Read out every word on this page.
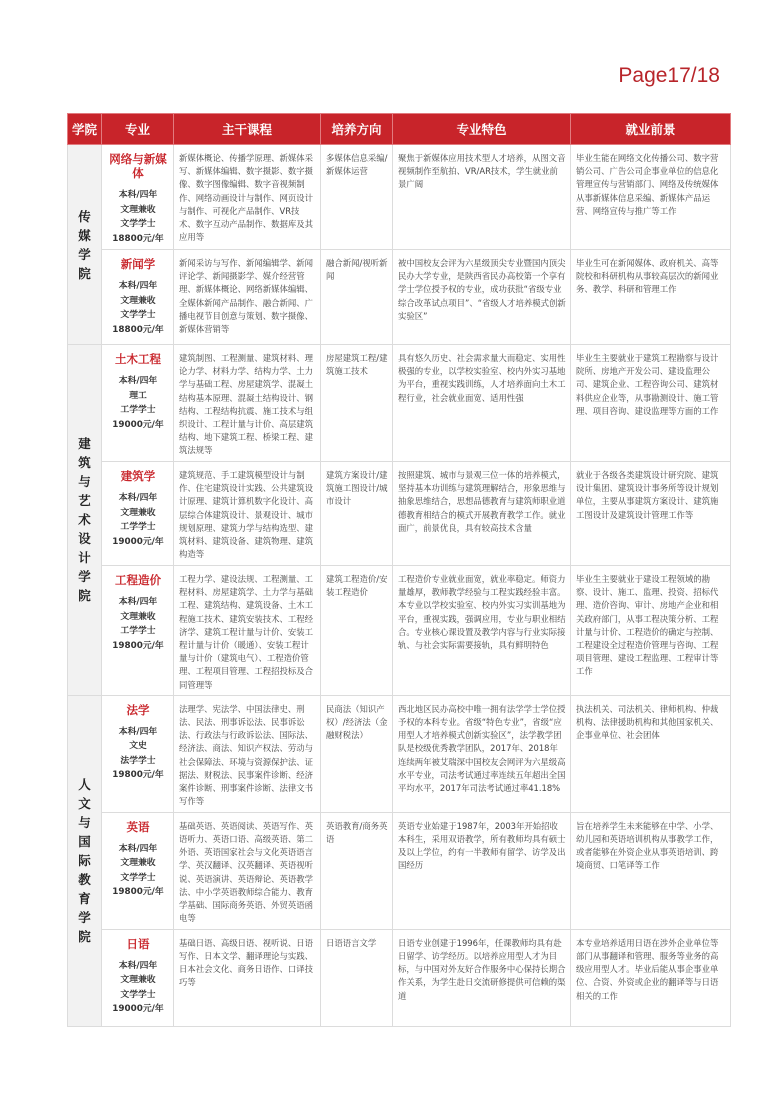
Page17/18
学院	专业	主干课程	培养方向	专业特色	就业前景
传媒学院	网络与新媒体
本科/四年
文理兼收
文学学士
18800元/年	新媒体概论、传播学原理、新媒体采写、新媒体编辑、数字摄影、数字摄像、数字图像编辑、数字音视频制作、网络动画设计与制作、网页设计与制作、可视化产品制作、VR技术、数字互动产品制作、数据库及其应用等	多媒体信息采编/新媒体运营	聚焦于新媒体应用技术型人才培养，从图文音视频制作至航拍、VR/AR技术，学生就业前景广阔	毕业生能在网络文化传播公司、数字营销公司、广告公司企事业单位的信息化管理宣传与营销部门、网络及传统媒体从事新媒体信息采编、新媒体产品运营、网络宣传与推广等工作

	新闻学
本科/四年
文理兼收
文学学士
18800元/年	新闻采访与写作、新闻编辑学、新闻评论学、新闻摄影学、媒介经营管理、新媒体概论、网络新媒体编辑、全媒体新闻产品制作、融合新闻、广播电视节目创意与策划、数字摄像、新媒体营销等	融合新闻/视听新闻	被中国校友会评为六星级顶尖专业暨国内顶尖民办大学专业，是陕西省民办高校第一个享有学士学位授予权的专业，成功获批“省级专业综合改革试点项目”、“省级人才培养模式创新实验区”	毕业生可在新闻媒体、政府机关、高等院校和科研机构从事较高层次的新闻业务、教学、科研和管理工作
建筑与艺术设计学院	土木工程
本科/四年
理工
工学学士
19000元/年	建筑制图、工程测量、建筑材料、理论力学、材料力学、结构力学、土力学与基础工程、房屋建筑学、混凝土结构基本原理、混凝土结构设计、钢结构、工程结构抗震、施工技术与组织设计、工程计量与计价、高层建筑结构、地下建筑工程、桥梁工程、建筑法规等	房屋建筑工程/建筑施工技术	具有悠久历史、社会需求量大而稳定、实用性极强的专业，以学校实验室、校内外实习基地为平台，重视实践训练，人才培养面向土木工程行业，社会就业面宽、适用性强	毕业生主要就业于建筑工程勘察与设计院所、房地产开发公司、建设监理公司、建筑企业、工程咨询公司、建筑材料供应企业等，从事勘测设计、施工管理、项目咨询、建设监理等方面的工作

	建筑学
本科/四年
文理兼收
工学学士
19000元/年	建筑规范、手工建筑模型设计与制作、住宅建筑设计实践、公共建筑设计原理、建筑计算机数字化设计、高层综合体建筑设计、景观设计、城市规划原理、建筑力学与结构选型、建筑材料、建筑设备、建筑物理、建筑构造等	建筑方案设计/建筑施工图设计/城市设计	按照建筑、城市与景观三位一体的培养模式，坚持基本功训练与建筑理解结合，形象思维与抽象思维结合，思想品德教育与建筑师职业道德教育相结合的模式开展教育教学工作。就业面广，前景优良，具有较高技术含量	就业于各级各类建筑设计研究院、建筑设计集团、建筑设计事务所等设计规划单位，主要从事建筑方案设计、建筑施工图设计及建筑设计管理工作等

	工程造价
本科/四年
文理兼收
工学学士
19800元/年	工程力学、建设法规、工程测量、工程材料、房屋建筑学、土力学与基础工程、建筑结构、建筑设备、土木工程施工技术、建筑安装技术、工程经济学、建筑工程计量与计价、安装工程计量与计价（暖通）、安装工程计量与计价（建筑电气）、工程造价管理、工程项目管理、工程招投标及合同管理等	建筑工程造价/安装工程造价	工程造价专业就业面宽，就业率稳定。师资力量雄厚，教师教学经验与工程实践经验丰富。本专业以学校实验室、校内外实习实训基地为平台，重视实践，强调应用，专业与职业相结合。专业核心课设置及教学内容与行业实际接轨、与社会实际需要接轨，具有鲜明特色	毕业生主要就业于建设工程领域的勘察、设计、施工、监理、投资、招标代理、造价咨询、审计、房地产企业和相关政府部门，从事工程决策分析、工程计量与计价、工程造价的确定与控制、工程建设全过程造价管理与咨询、工程项目管理、建设工程监理、工程审计等工作
人文与国际教育学院	法学
本科/四年
文史
法学学士
19800元/年	法理学、宪法学、中国法律史、刑法、民法、刑事诉讼法、民事诉讼法、行政法与行政诉讼法、国际法、经济法、商法、知识产权法、劳动与社会保障法、环境与资源保护法、证据法、财税法、民事案件诊断、经济案件诊断、刑事案件诊断、法律文书写作等	民商法（知识产权）/经济法（金融财税法）	西北地区民办高校中唯一拥有法学学士学位授予权的本科专业。省级“特色专业”，省级“应用型人才培养模式创新实验区”，法学教学团队是校级优秀教学团队，2017年、2018年连续两年被艾瑞深中国校友会网评为六星级高水平专业，司法考试通过率连续五年超出全国平均水平，2017年司法考试通过率41.18%	执法机关、司法机关、律师机构、仲裁机构、法律援助机构和其他国家机关、企事业单位、社会团体

	英语
本科/四年
文理兼收
文学学士
19800元/年	基础英语、英语阅读、英语写作、英语听力、英语口语、高级英语、第二外语、英语国家社会与文化英语语言学、英汉翻译、汉英翻译、英语视听说、英语演讲、英语辩论、英语教学法、中小学英语教师综合能力、教育学基础、国际商务英语、外贸英语函电等	英语教育/商务英语	英语专业始建于1987年，2003年开始招收本科生，采用双语教学，所有教师均具有硕士及以上学位，约有一半教师有留学、访学及出国经历	旨在培养学生未来能够在中学、小学、幼儿园和英语培训机构从事教学工作，或者能够在外资企业从事英语培训、跨境商贸、口笔译等工作

	日语
本科/四年
文理兼收
文学学士
19000元/年	基础日语、高级日语、视听说、日语写作、日本文学、翻译理论与实践、日本社会文化、商务日语作、口译技巧等	日语语言文学	日语专业创建于1996年，任课教师均具有赴日留学、访学经历。以培养应用型人才为目标，与中国对外友好合作服务中心保持长期合作关系，为学生赴日交流研修提供可信赖的渠道	本专业培养适用日语在涉外企业单位等部门从事翻译和管理、服务等业务的高级应用型人才。毕业后能从事企事业单位、合资、外资或企业的翻译等与日语相关的工作
